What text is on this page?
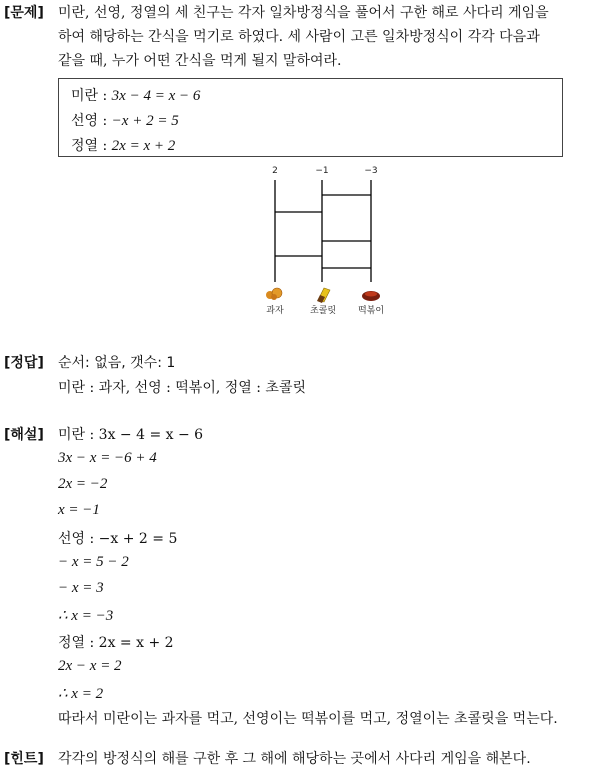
[문제] 미란, 선영, 정열의 세 친구는 각자 일차방정식을 풀어서 구한 해로 사다리 게임을
하여 해당하는 간식을 먹기로 하였다. 세 사람이 고른 일차방정식이 각각 다음과
같을 때, 누가 어떤 간식을 먹게 될지 말하여라.
미란 : 3x − 4 = x − 6
선영 : −x + 2 = 5
정열 : 2x = x + 2
2	−1	−3
과자	초콜릿 떡볶이
[정답] 순서: 없음, 갯수: 1
미란 : 과자, 선영 : 떡볶이, 정열 : 초콜릿
[해설] 미란 : 3x − 4 = x − 6
3x − x = −6 + 4
2x = −2
x = −1
선영 : −x + 2 = 5
− x = 5 − 2
− x = 3
∴ x = −3
정열 : 2x = x + 2
2x − x = 2
∴ x = 2
따라서 미란이는 과자를 먹고, 선영이는 떡볶이를 먹고, 정열이는 초콜릿을 먹는다.
[힌트] 각각의 방정식의 해를 구한 후 그 해에 해당하는 곳에서 사다리 게임을 해본다.
